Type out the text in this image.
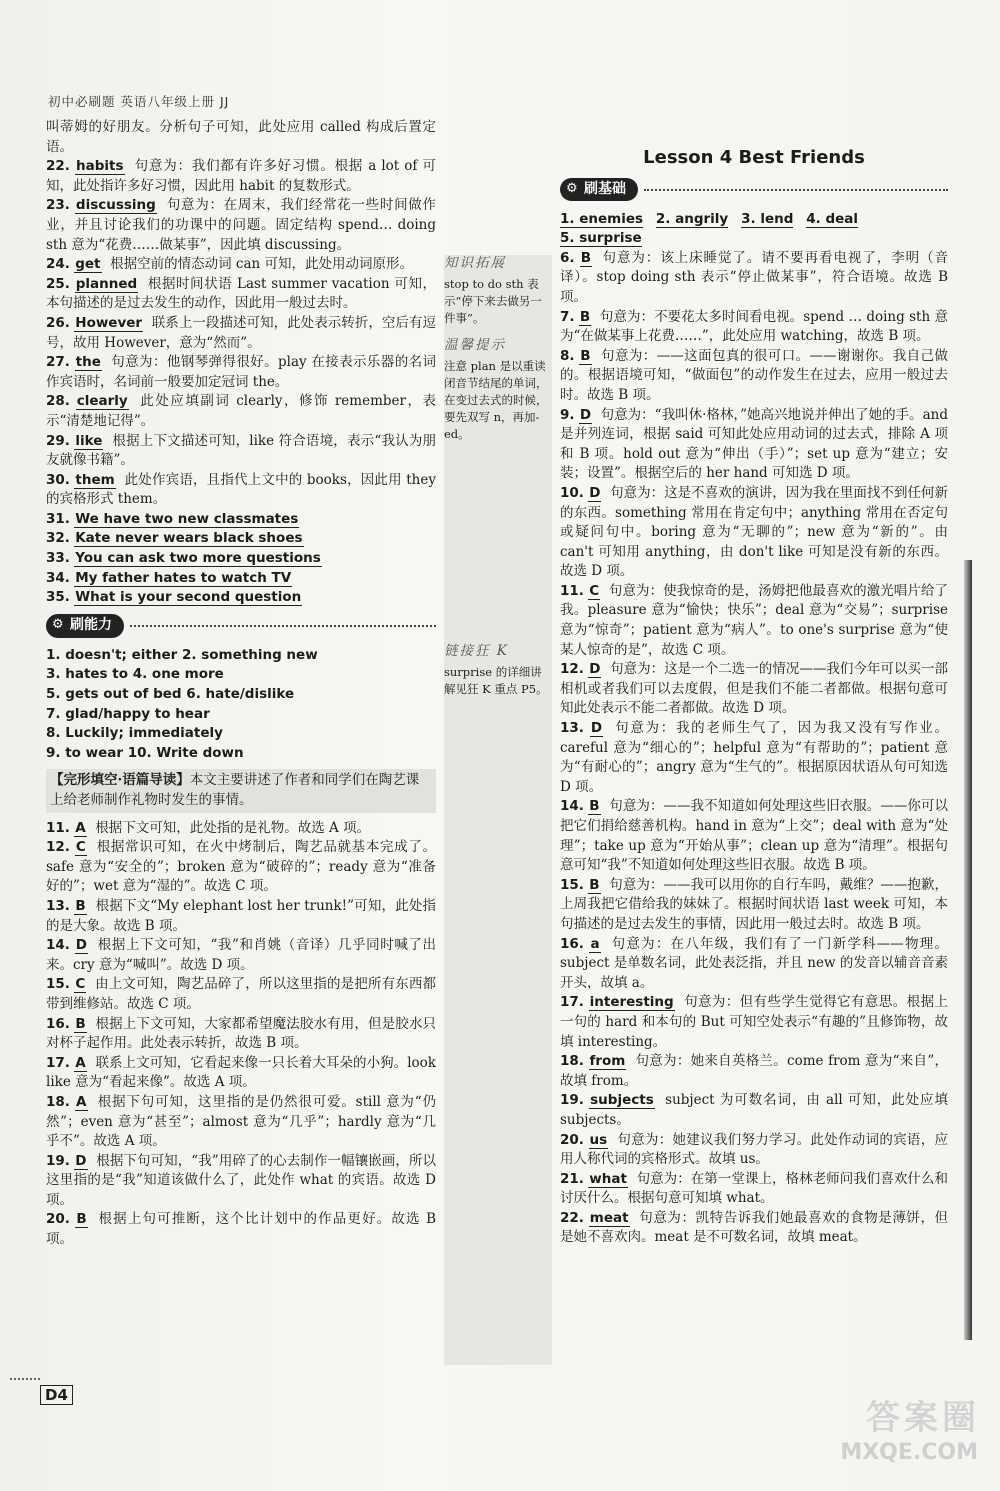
初中必刷题 英语八年级上册 JJ
叫蒂姆的好朋友。分析句子可知，此处应用 called 构成后置定语。
22. habits 句意为：我们都有许多好习惯。根据 a lot of 可知，此处指许多好习惯，因此用 habit 的复数形式。
23. discussing 句意为：在周末，我们经常花一些时间做作业，并且讨论我们的功课中的问题。固定结构 spend… doing sth 意为“花费……做某事”，因此填 discussing。
24. get 根据空前的情态动词 can 可知，此处用动词原形。
25. planned 根据时间状语 Last summer vacation 可知，本句描述的是过去发生的动作，因此用一般过去时。
26. However 联系上一段描述可知，此处表示转折，空后有逗号，故用 However，意为“然而”。
27. the 句意为：他钢琴弹得很好。play 在接表示乐器的名词作宾语时，名词前一般要加定冠词 the。
28. clearly 此处应填副词 clearly，修饰 remember，表示“清楚地记得”。
29. like 根据上下文描述可知，like 符合语境，表示“我认为朋友就像书籍”。
30. them 此处作宾语，且指代上文中的 books，因此用 they 的宾格形式 them。
31. We have two new classmates
32. Kate never wears black shoes
33. You can ask two more questions
34. My father hates to watch TV
35. What is your second question
⚙ 刷能力
1. doesn't; either 2. something new
3. hates to 4. one more
5. gets out of bed 6. hate/dislike
7. glad/happy to hear
8. Luckily; immediately
9. to wear 10. Write down
【完形填空·语篇导读】本文主要讲述了作者和同学们在陶艺课上给老师制作礼物时发生的事情。
11. A 根据下文可知，此处指的是礼物。故选 A 项。
12. C 根据常识可知，在火中烤制后，陶艺品就基本完成了。safe 意为“安全的”；broken 意为“破碎的”；ready 意为“准备好的”；wet 意为“湿的”。故选 C 项。
13. B 根据下文“My elephant lost her trunk!”可知，此处指的是大象。故选 B 项。
14. D 根据上下文可知，“我”和肖姚（音译）几乎同时喊了出来。cry 意为“喊叫”。故选 D 项。
15. C 由上文可知，陶艺品碎了，所以这里指的是把所有东西都带到维修站。故选 C 项。
16. B 根据上下文可知，大家都希望魔法胶水有用，但是胶水只对杯子起作用。此处表示转折，故选 B 项。
17. A 联系上文可知，它看起来像一只长着大耳朵的小狗。look like 意为“看起来像”。故选 A 项。
18. A 根据下句可知，这里指的是仍然很可爱。still 意为“仍然”；even 意为“甚至”；almost 意为“几乎”；hardly 意为“几乎不”。故选 A 项。
19. D 根据下句可知，“我”用碎了的心去制作一幅镶嵌画，所以这里指的是“我”知道该做什么了，此处作 what 的宾语。故选 D 项。
20. B 根据上句可推断，这个比计划中的作品更好。故选 B 项。
知识拓展
stop to do sth 表示“停下来去做另一件事”。
温馨提示
注意 plan 是以重读闭音节结尾的单词，在变过去式的时候，要先双写 n，再加-ed。
链接狂 K
surprise 的详细讲解见狂 K 重点 P5。
Lesson 4 Best Friends
⚙ 刷基础
1. enemies 2. angrily 3. lend 4. deal
5. surprise
6. B 句意为：该上床睡觉了。请不要再看电视了，李明（音译）。stop doing sth 表示“停止做某事”，符合语境。故选 B 项。
7. B 句意为：不要花太多时间看电视。spend … doing sth 意为“在做某事上花费……”，此处应用 watching，故选 B 项。
8. B 句意为：——这面包真的很可口。——谢谢你。我自己做的。根据语境可知，“做面包”的动作发生在过去，应用一般过去时。故选 B 项。
9. D 句意为：“我叫休·格林，”她高兴地说并伸出了她的手。and 是并列连词，根据 said 可知此处应用动词的过去式，排除 A 项和 B 项。hold out 意为“伸出（手）”；set up 意为“建立；安装；设置”。根据空后的 her hand 可知选 D 项。
10. D 句意为：这是不喜欢的演讲，因为我在里面找不到任何新的东西。something 常用在肯定句中；anything 常用在否定句或疑问句中。boring 意为“无聊的”；new 意为“新的”。由 can't 可知用 anything，由 don't like 可知是没有新的东西。故选 D 项。
11. C 句意为：使我惊奇的是，汤姆把他最喜欢的激光唱片给了我。pleasure 意为“愉快；快乐”；deal 意为“交易”；surprise 意为“惊奇”；patient 意为“病人”。to one's surprise 意为“使某人惊奇的是”，故选 C 项。
12. D 句意为：这是一个二选一的情况——我们今年可以买一部相机或者我们可以去度假，但是我们不能二者都做。根据句意可知此处表示不能二者都做。故选 D 项。
13. D 句意为：我的老师生气了，因为我又没有写作业。careful 意为“细心的”；helpful 意为“有帮助的”；patient 意为“有耐心的”；angry 意为“生气的”。根据原因状语从句可知选 D 项。
14. B 句意为：——我不知道如何处理这些旧衣服。——你可以把它们捐给慈善机构。hand in 意为“上交”；deal with 意为“处理”；take up 意为“开始从事”；clean up 意为“清理”。根据句意可知“我”不知道如何处理这些旧衣服。故选 B 项。
15. B 句意为：——我可以用你的自行车吗，戴维？——抱歉，上周我把它借给我的妹妹了。根据时间状语 last week 可知，本句描述的是过去发生的事情，因此用一般过去时。故选 B 项。
16. a 句意为：在八年级，我们有了一门新学科——物理。subject 是单数名词，此处表泛指，并且 new 的发音以辅音音素开头，故填 a。
17. interesting 句意为：但有些学生觉得它有意思。根据上一句的 hard 和本句的 But 可知空处表示“有趣的”且修饰物，故填 interesting。
18. from 句意为：她来自英格兰。come from 意为“来自”，故填 from。
19. subjects subject 为可数名词，由 all 可知，此处应填 subjects。
20. us 句意为：她建议我们努力学习。此处作动词的宾语，应用人称代词的宾格形式。故填 us。
21. what 句意为：在第一堂课上，格林老师问我们喜欢什么和讨厌什么。根据句意可知填 what。
22. meat 句意为：凯特告诉我们她最喜欢的食物是薄饼，但是她不喜欢肉。meat 是不可数名词，故填 meat。
D4
答案圈
MXQE.COM
